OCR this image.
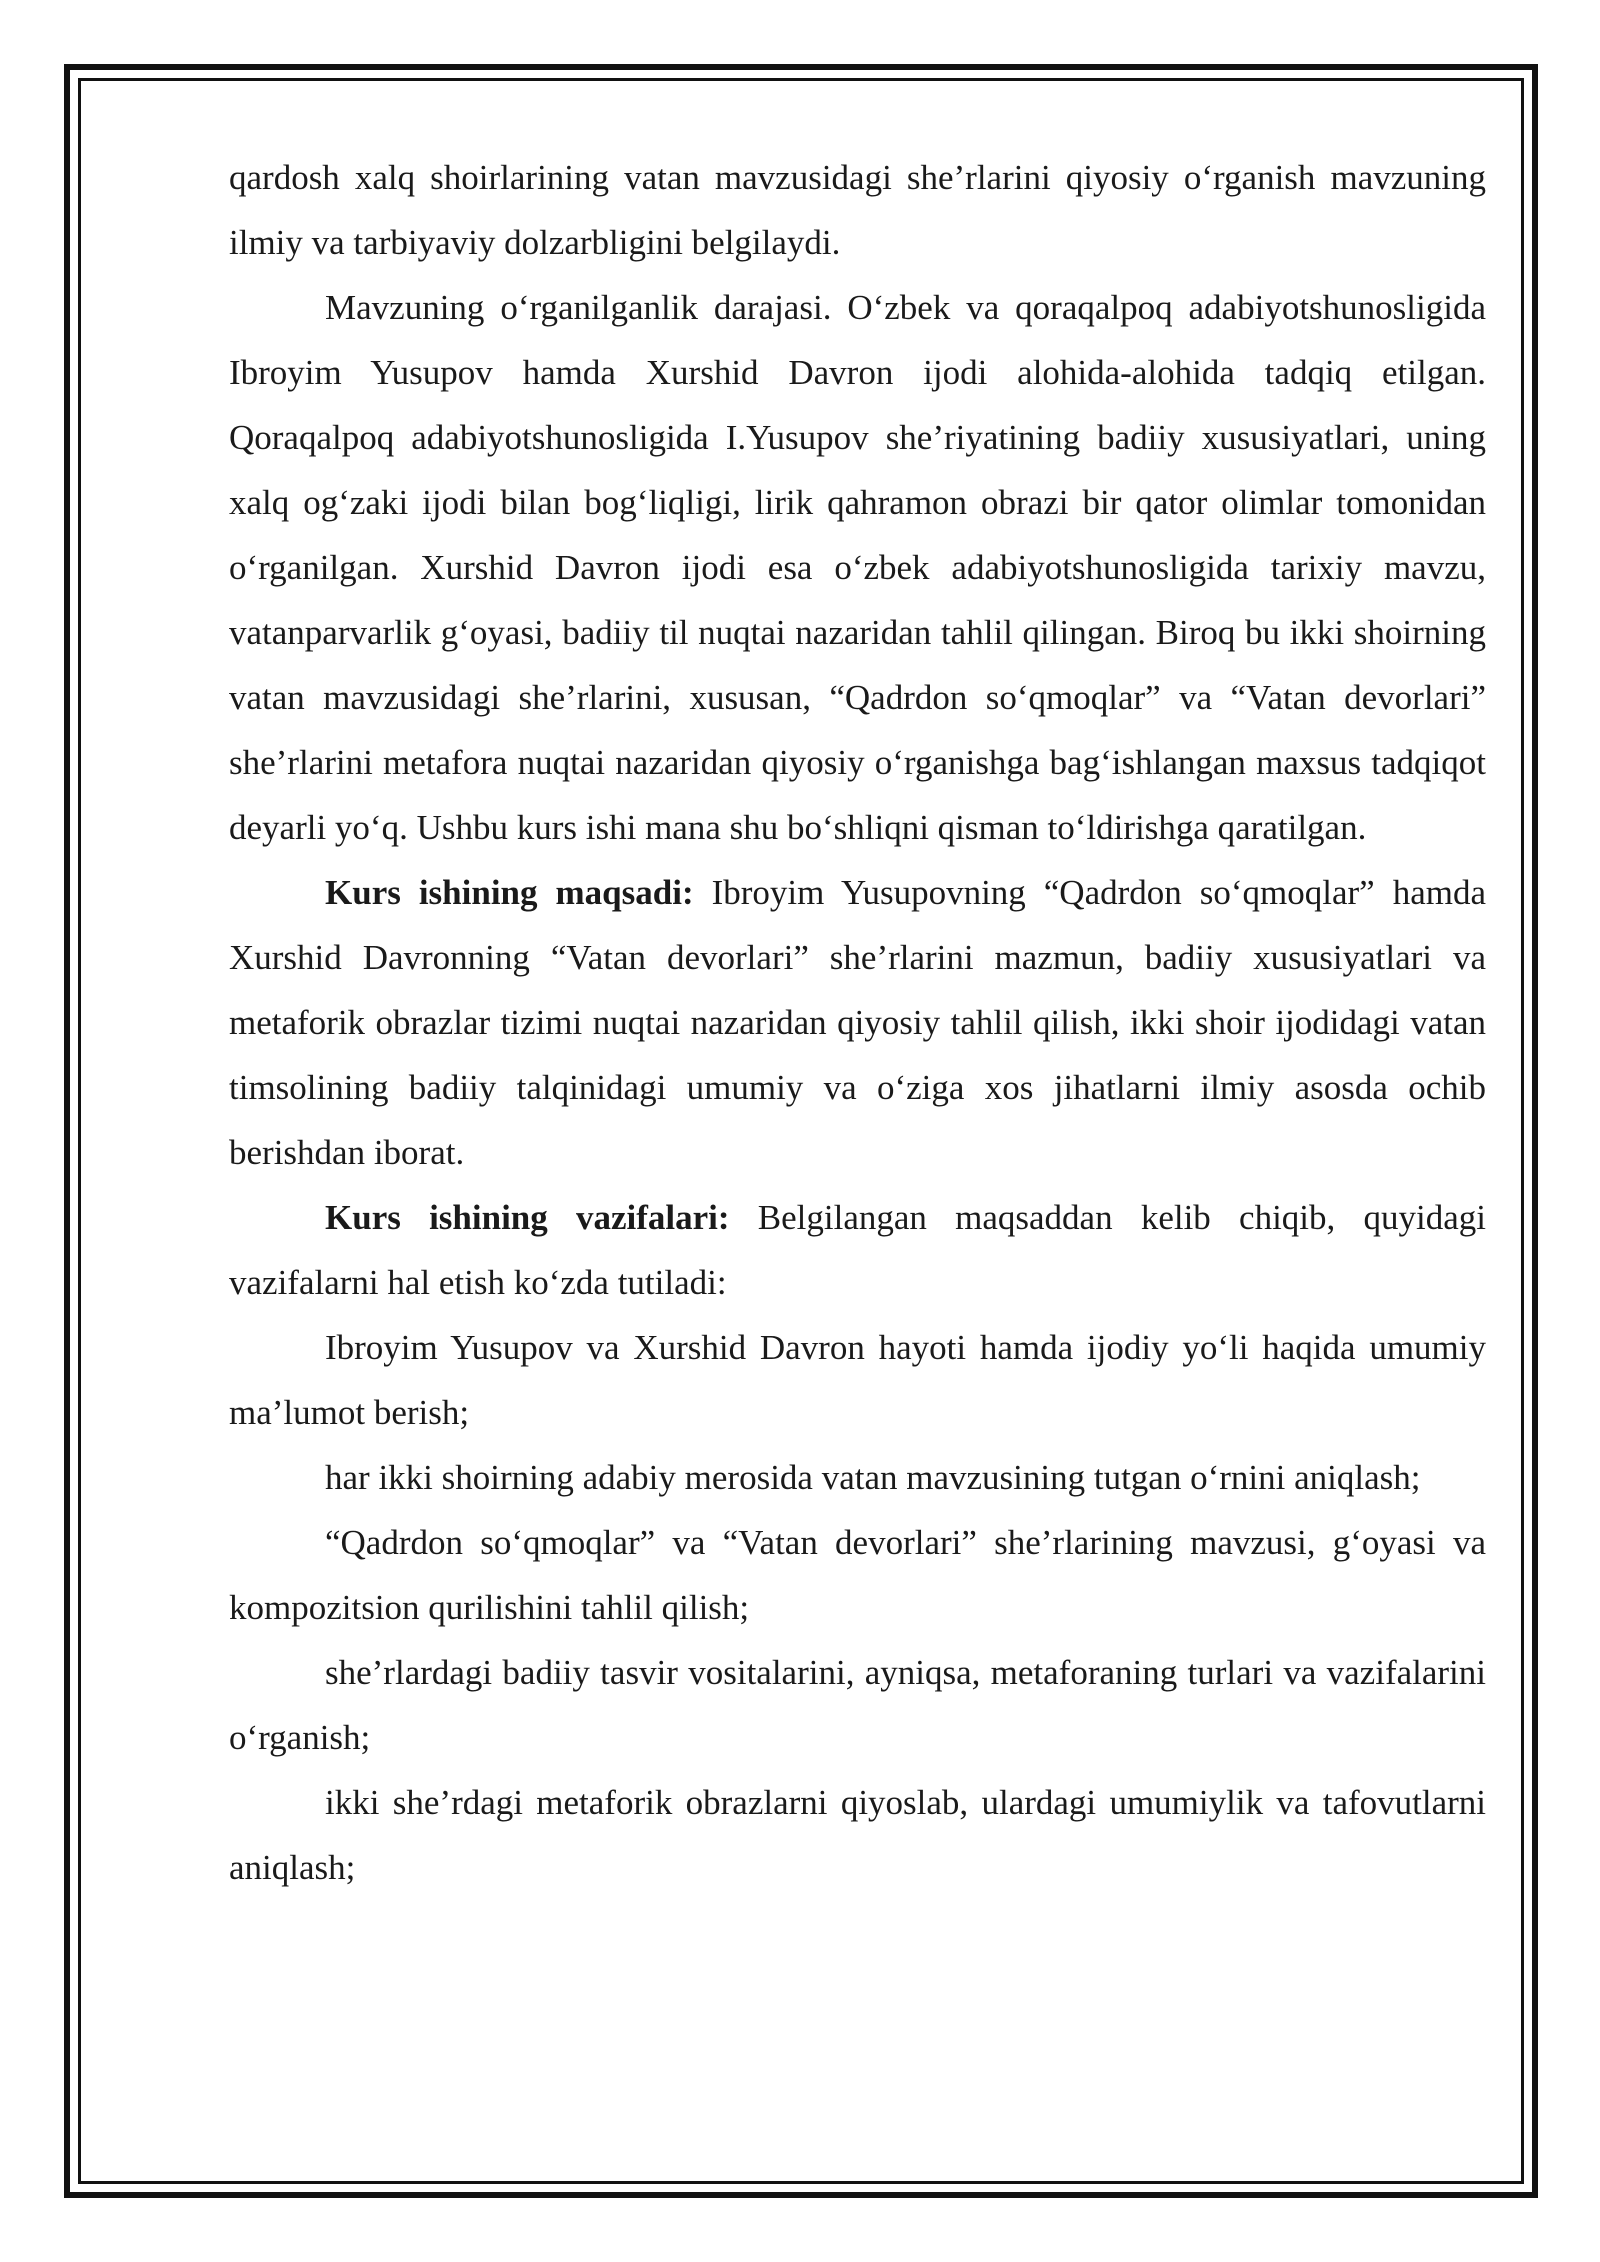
qardosh xalq shoirlarining vatan mavzusidagi she’rlarini qiyosiy o‘rganish mavzuning ilmiy va tarbiyaviy dolzarbligini belgilaydi.

Mavzuning o‘rganilganlik darajasi. O‘zbek va qoraqalpoq adabiyotshunosligida Ibroyim Yusupov hamda Xurshid Davron ijodi alohida-alohida tadqiq etilgan. Qoraqalpoq adabiyotshunosligida I.Yusupov she’riyatining badiiy xususiyatlari, uning xalq og‘zaki ijodi bilan bog‘liqligi, lirik qahramon obrazi bir qator olimlar tomonidan o‘rganilgan. Xurshid Davron ijodi esa o‘zbek adabiyotshunosligida tarixiy mavzu, vatanparvarlik g‘oyasi, badiiy til nuqtai nazaridan tahlil qilingan. Biroq bu ikki shoirning vatan mavzusidagi she’rlarini, xususan, “Qadrdon so‘qmoqlar” va “Vatan devorlari” she’rlarini metafora nuqtai nazaridan qiyosiy o‘rganishga bag‘ishlangan maxsus tadqiqot deyarli yo‘q. Ushbu kurs ishi mana shu bo‘shliqni qisman to‘ldirishga qaratilgan.

Kurs ishining maqsadi: Ibroyim Yusupovning “Qadrdon so‘qmoqlar” hamda Xurshid Davronning “Vatan devorlari” she’rlarini mazmun, badiiy xususiyatlari va metaforik obrazlar tizimi nuqtai nazaridan qiyosiy tahlil qilish, ikki shoir ijodidagi vatan timsolining badiiy talqinidagi umumiy va o‘ziga xos jihatlarni ilmiy asosda ochib berishdan iborat.

Kurs ishining vazifalari: Belgilangan maqsaddan kelib chiqib, quyidagi vazifalarni hal etish ko‘zda tutiladi:

Ibroyim Yusupov va Xurshid Davron hayoti hamda ijodiy yo‘li haqida umumiy ma’lumot berish;

har ikki shoirning adabiy merosida vatan mavzusining tutgan o‘rnini aniqlash;

“Qadrdon so‘qmoqlar” va “Vatan devorlari” she’rlarining mavzusi, g‘oyasi va kompozitsion qurilishini tahlil qilish;

she’rlardagi badiiy tasvir vositalarini, ayniqsa, metaforaning turlari va vazifalarini o‘rganish;

ikki she’rdagi metaforik obrazlarni qiyoslab, ulardagi umumiylik va tafovutlarni aniqlash;
